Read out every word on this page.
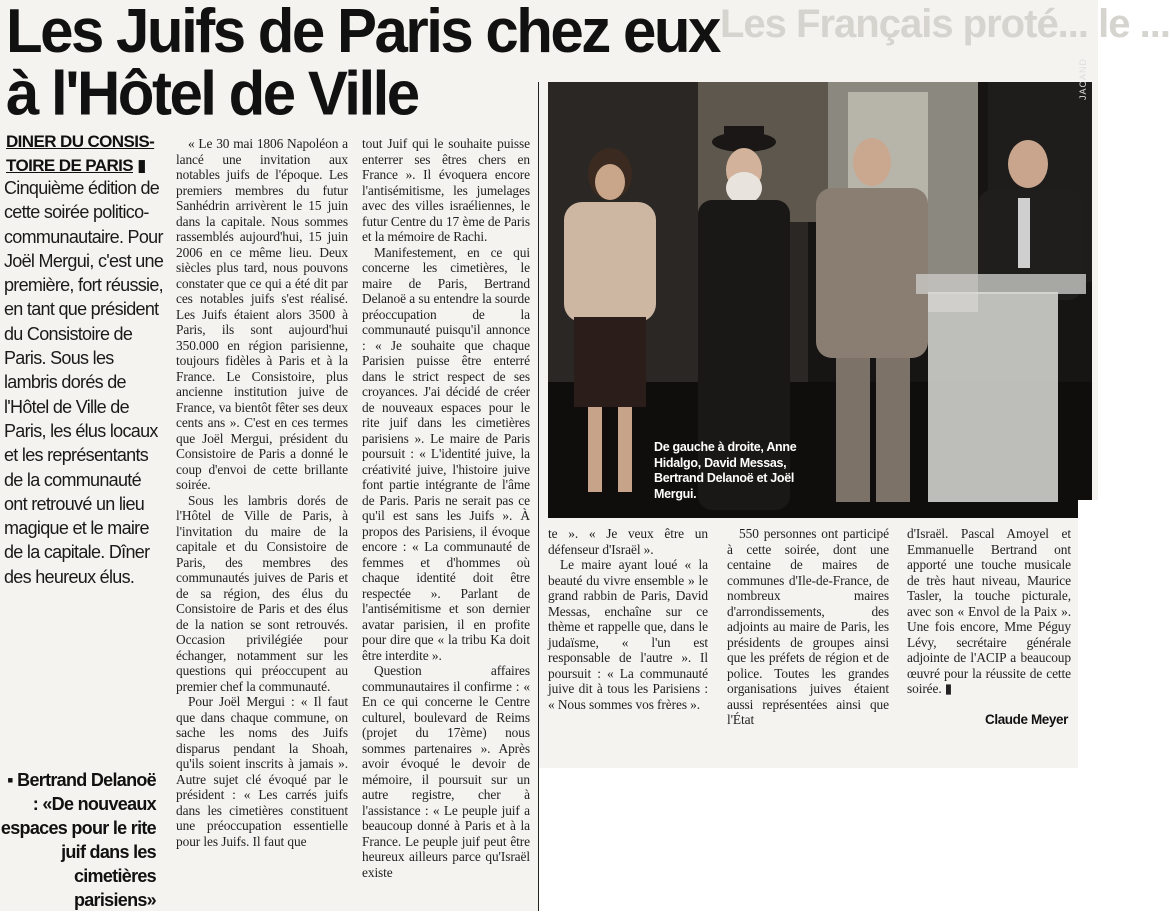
Les Français proté... le ...
Les Juifs de Paris chez eux
à l'Hôtel de Ville
DINER DU CONSIS-
TOIRE DE PARIS ▮
Cinquième édition de cette soirée politico-communautaire. Pour Joël Mergui, c'est une première, fort réussie, en tant que président du Consistoire de Paris. Sous les lambris dorés de l'Hôtel de Ville de Paris, les élus locaux et les représentants de la communauté ont retrouvé un lieu magique et le maire de la capitale. Dîner des heureux élus.
▪ Bertrand Delanoë : «De nouveaux espaces pour le rite juif dans les cimetières parisiens»

« Le 30 mai 1806 Napoléon a lancé une invitation aux notables juifs de l'époque. Les premiers membres du futur Sanhédrin arrivèrent le 15 juin dans la capitale. Nous sommes rassemblés aujourd'hui, 15 juin 2006 en ce même lieu. Deux siècles plus tard, nous pouvons constater que ce qui a été dit par ces notables juifs s'est réalisé. Les Juifs étaient alors 3500 à Paris, ils sont aujourd'hui 350.000 en région parisienne, toujours fidèles à Paris et à la France. Le Consistoire, plus ancienne institution juive de France, va bientôt fêter ses deux cents ans ». C'est en ces termes que Joël Mergui, président du Consistoire de Paris a donné le coup d'envoi de cette brillante soirée.

Sous les lambris dorés de l'Hôtel de Ville de Paris, à l'invitation du maire de la capitale et du Consistoire de Paris, des membres des communautés juives de Paris et de sa région, des élus du Consistoire de Paris et des élus de la nation se sont retrouvés. Occasion privilégiée pour échanger, notamment sur les questions qui préoccupent au premier chef la communauté.

Pour Joël Mergui : « Il faut que dans chaque commune, on sache les noms des Juifs disparus pendant la Shoah, qu'ils soient inscrits à jamais ». Autre sujet clé évoqué par le président : « Les carrés juifs dans les cimetières constituent une préoccupation essentielle pour les Juifs. Il faut que

tout Juif qui le souhaite puisse enterrer ses êtres chers en France ». Il évoquera encore l'antisémitisme, les jumelages avec des villes israéliennes, le futur Centre du 17 ème de Paris et la mémoire de Rachi.

Manifestement, en ce qui concerne les cimetières, le maire de Paris, Bertrand Delanoë a su entendre la sourde préoccupation de la communauté puisqu'il annonce : « Je souhaite que chaque Parisien puisse être enterré dans le strict respect de ses croyances. J'ai décidé de créer de nouveaux espaces pour le rite juif dans les cimetières parisiens ». Le maire de Paris poursuit : « L'identité juive, la créativité juive, l'histoire juive font partie intégrante de l'âme de Paris. Paris ne serait pas ce qu'il est sans les Juifs ». À propos des Parisiens, il évoque encore : « La communauté de femmes et d'hommes où chaque identité doit être respectée ». Parlant de l'antisémitisme et son dernier avatar parisien, il en profite pour dire que « la tribu Ka doit être interdite ».

Question affaires communautaires il confirme : « En ce qui concerne le Centre culturel, boulevard de Reims (projet du 17ème) nous sommes partenaires ». Après avoir évoqué le devoir de mémoire, il poursuit sur un autre registre, cher à l'assistance : « Le peuple juif a beaucoup donné à Paris et à la France. Le peuple juif peut être heureux ailleurs parce qu'Israël existe

De gauche à droite, Anne Hidalgo, David Messas, Bertrand Delanoë et Joël Mergui.
JACAND

te ». « Je veux être un défenseur d'Israël ».

Le maire ayant loué « la beauté du vivre ensemble » le grand rabbin de Paris, David Messas, enchaîne sur ce thème et rappelle que, dans le judaïsme, « l'un est responsable de l'autre ». Il poursuit : « La communauté juive dit à tous les Parisiens : « Nous sommes vos frères ».

550 personnes ont participé à cette soirée, dont une centaine de maires de communes d'Ile-de-France, de nombreux maires d'arrondissements, des adjoints au maire de Paris, les présidents de groupes ainsi que les préfets de région et de police. Toutes les grandes organisations juives étaient aussi représentées ainsi que l'État

d'Israël. Pascal Amoyel et Emmanuelle Bertrand ont apporté une touche musicale de très haut niveau, Maurice Tasler, la touche picturale, avec son « Envol de la Paix ». Une fois encore, Mme Péguy Lévy, secrétaire générale adjointe de l'ACIP a beaucoup œuvré pour la réussite de cette soirée. ▮

Claude Meyer
